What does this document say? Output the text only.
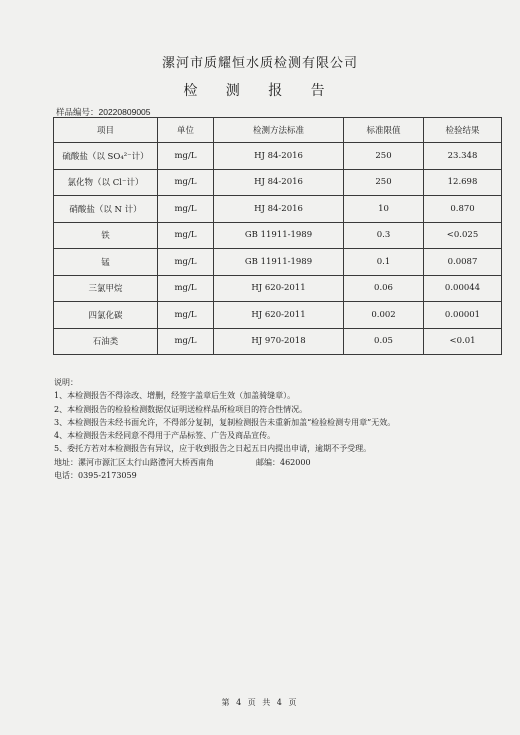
漯河市质耀恒水质检测有限公司
检 测 报 告
样品编号：20220809005
项目	单位	检测方法标准	标准限值	检验结果
硫酸盐（以 SO₄²⁻计）	mg/L	HJ 84-2016	250	23.348
氯化物（以 Cl⁻计）	mg/L	HJ 84-2016	250	12.698
硝酸盐（以 N 计）	mg/L	HJ 84-2016	10	0.870
铁	mg/L	GB 11911-1989	0.3	<0.025
锰	mg/L	GB 11911-1989	0.1	0.0087
三氯甲烷	mg/L	HJ 620-2011	0.06	0.00044
四氯化碳	mg/L	HJ 620-2011	0.002	0.00001
石油类	mg/L	HJ 970-2018	0.05	<0.01
说明：
1、本检测报告不得涂改、增删，经签字盖章后生效（加盖骑缝章）。
2、本检测报告的检验检测数据仅证明送检样品所检项目的符合性情况。
3、本检测报告未经书面允许，不得部分复制，复制检测报告未重新加盖“检验检测专用章”无效。
4、本检测报告未经同意不得用于产品标签、广告及商品宣传。
5、委托方若对本检测报告有异议，应于收到报告之日起五日内提出申请，逾期不予受理。
地址：漯河市源汇区太行山路澧河大桥西南角	邮编：462000
电话：0395-2173059
第 4 页 共 4 页
